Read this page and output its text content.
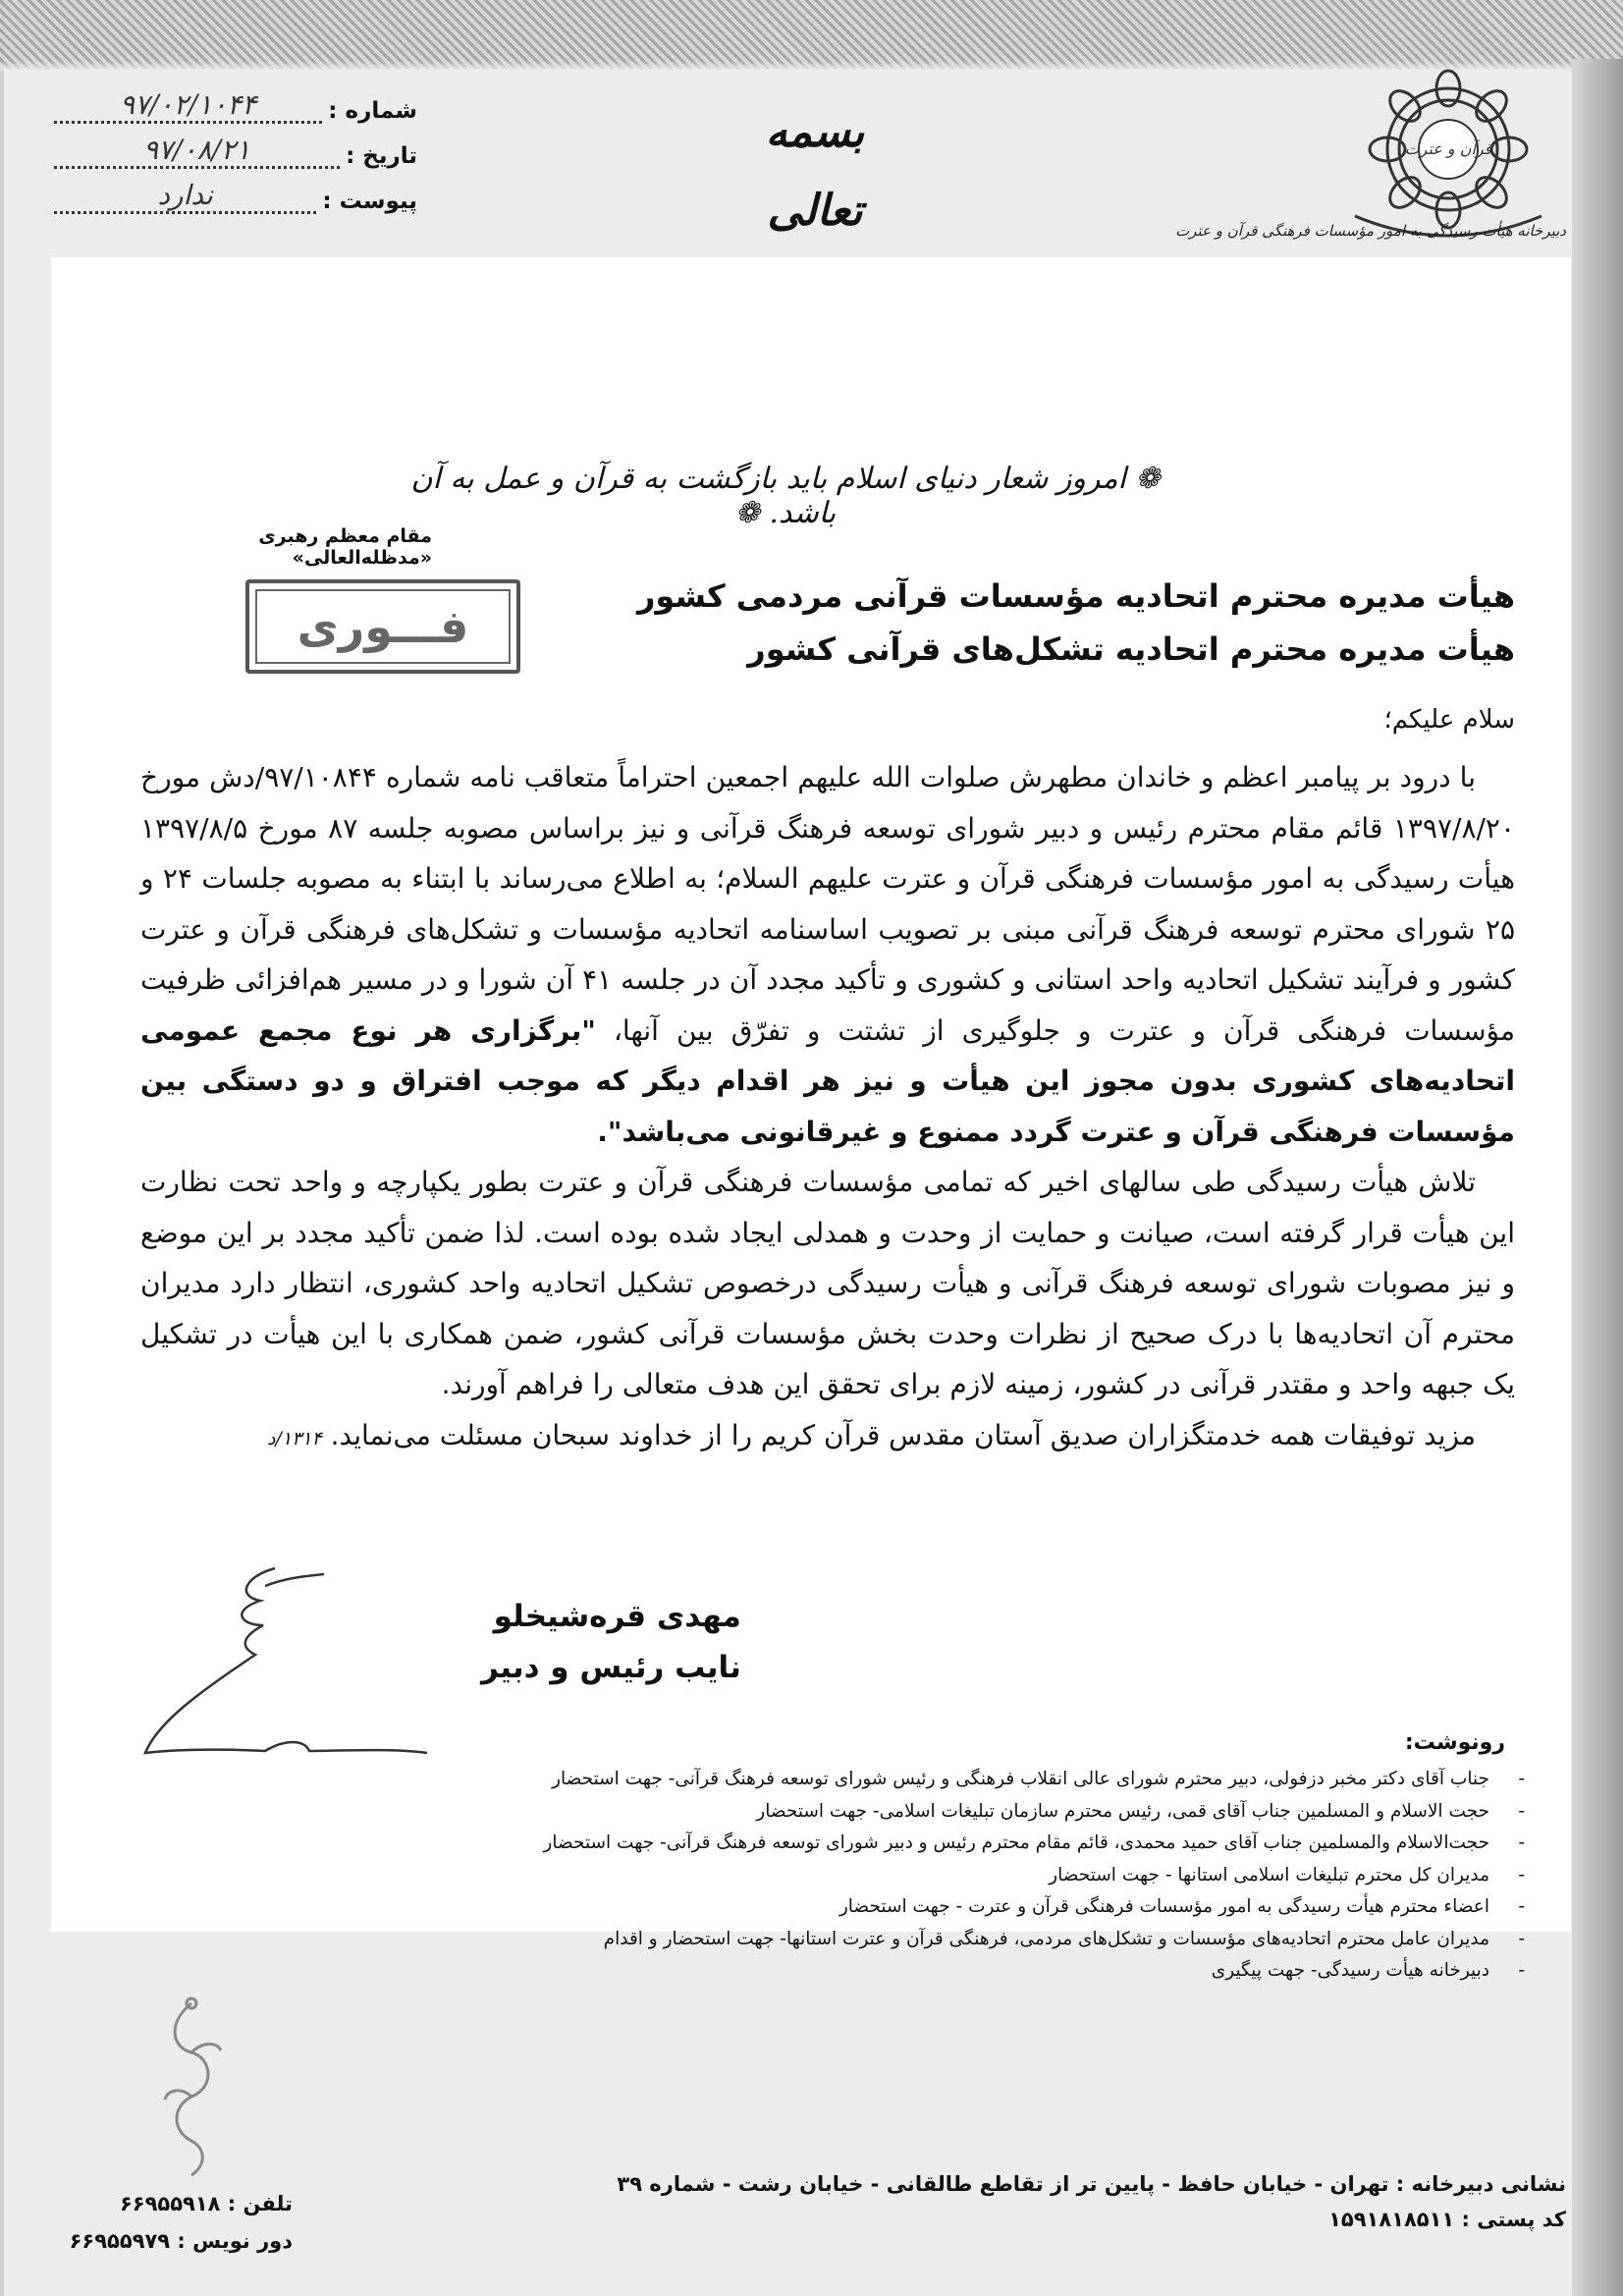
قرآن و عترت
دبیرخانه هیأت رسیدگی به امور مؤسسات فرهنگی قرآن و عترت
بسمه تعالی
شماره :
۹۷/۰۲/۱۰۴۴
تاریخ :
۹۷/۰۸/۲۱
پیوست :
ندارد
❁ امروز شعار دنیای اسلام باید بازگشت به قرآن و عمل به آن باشد. ❁
مقام معظم رهبری «مدظله‌العالی»
فـــوری
هیأت مدیره محترم اتحادیه مؤسسات قرآنی مردمی کشور
هیأت مدیره محترم اتحادیه تشکل‌های قرآنی کشور
سلام علیکم؛

با درود بر پیامبر اعظم و خاندان مطهرش صلوات الله علیهم اجمعین احتراماً متعاقب نامه شماره ۹۷/۱۰۸۴۴/دش مورخ ۱۳۹۷/۸/۲۰ قائم مقام محترم رئیس و دبیر شورای توسعه فرهنگ قرآنی و نیز براساس مصوبه جلسه ۸۷ مورخ ۱۳۹۷/۸/۵ هیأت رسیدگی به امور مؤسسات فرهنگی قرآن و عترت علیهم السلام؛ به اطلاع می‌رساند با ابتناء به مصوبه جلسات ۲۴ و ۲۵ شورای محترم توسعه فرهنگ قرآنی مبنی بر تصویب اساسنامه اتحادیه مؤسسات و تشکل‌های فرهنگی قرآن و عترت کشور و فرآیند تشکیل اتحادیه واحد استانی و کشوری و تأکید مجدد آن در جلسه ۴۱ آن شورا و در مسیر هم‌افزائی ظرفیت مؤسسات فرهنگی قرآن و عترت و جلوگیری از تشتت و تفرّق بین آنها، "برگزاری هر نوع مجمع عمومی اتحادیه‌های کشوری بدون مجوز این هیأت و نیز هر اقدام دیگر که موجب افتراق و دو دستگی بین مؤسسات فرهنگی قرآن و عترت گردد ممنوع و غیرقانونی می‌باشد".

تلاش هیأت رسیدگی طی سالهای اخیر که تمامی مؤسسات فرهنگی قرآن و عترت بطور یکپارچه و واحد تحت نظارت این هیأت قرار گرفته است، صیانت و حمایت از وحدت و همدلی ایجاد شده بوده است. لذا ضمن تأکید مجدد بر این موضع و نیز مصوبات شورای توسعه فرهنگ قرآنی و هیأت رسیدگی درخصوص تشکیل اتحادیه واحد کشوری، انتظار دارد مدیران محترم آن اتحادیه‌ها با درک صحیح از نظرات وحدت بخش مؤسسات قرآنی کشور، ضمن همکاری با این هیأت در تشکیل یک جبهه واحد و مقتدر قرآنی در کشور، زمینه لازم برای تحقق این هدف متعالی را فراهم آورند.

مزید توفیقات همه خدمتگزاران صدیق آستان مقدس قرآن کریم را از خداوند سبحان مسئلت می‌نماید. ۱۳۱۴/د

مهدی قره‌شیخلو
نایب رئیس و دبیر
رونوشت:
- جناب آقای دکتر مخبر دزفولی، دبیر محترم شورای عالی انقلاب فرهنگی و رئیس شورای توسعه فرهنگ قرآنی- جهت استحضار
- حجت الاسلام و المسلمین جناب آقای قمی، رئیس محترم سازمان تبلیغات اسلامی- جهت استحضار
- حجت‌الاسلام والمسلمین جناب آقای حمید محمدی، قائم مقام محترم رئیس و دبیر شورای توسعه فرهنگ قرآنی- جهت استحضار
- مدیران کل محترم تبلیغات اسلامی استانها - جهت استحضار
- اعضاء محترم هیأت رسیدگی به امور مؤسسات فرهنگی قرآن و عترت - جهت استحضار
- مدیران عامل محترم اتحادیه‌های مؤسسات و تشکل‌های مردمی، فرهنگی قرآن و عترت استانها- جهت استحضار و اقدام
- دبیرخانه هیأت رسیدگی- جهت پیگیری
نشانی دبیرخانه : تهران - خیابان حافظ - پایین تر از تقاطع طالقانی - خیابان رشت - شماره ۳۹
کد پستی : ۱۵۹۱۸۱۸۵۱۱
تلفن : ۶۶۹۵۵۹۱۸
دور نویس : ۶۶۹۵۵۹۷۹
